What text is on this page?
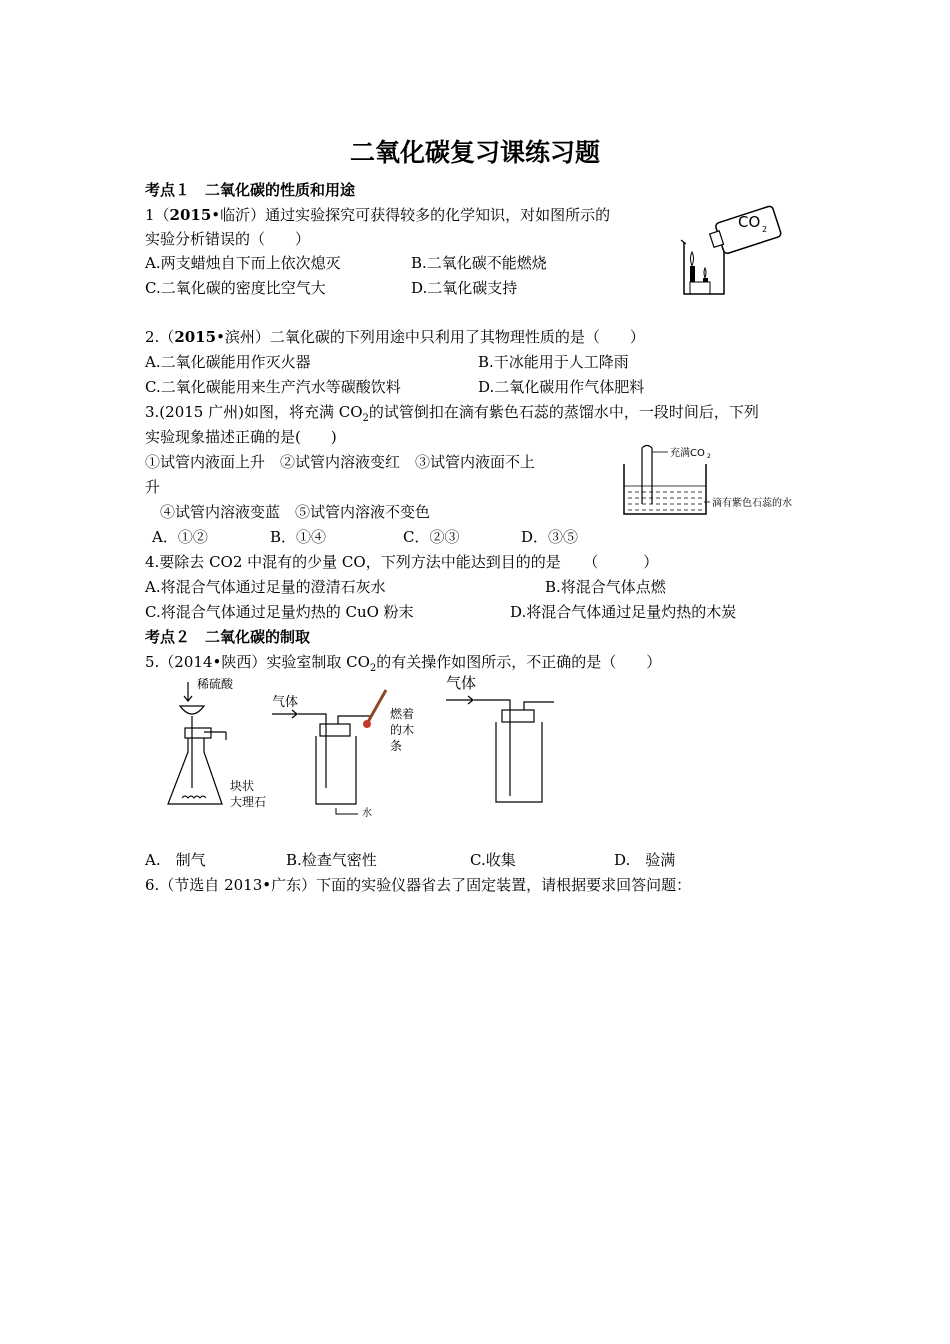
二氧化碳复习课练习题
考点１　二氧化碳的性质和用途
1（2015•临沂）通过实验探究可获得较多的化学知识，对如图所示的
实验分析错误的（　　）
A.两支蜡烛自下而上依次熄灭	B.二氧化碳不能燃烧
C.二氧化碳的密度比空气大	D.二氧化碳支持
CO 2
2.（2015•滨州）二氧化碳的下列用途中只利用了其物理性质的是（　　）
A.二氧化碳能用作灭火器	B.干冰能用于人工降雨
C.二氧化碳能用来生产汽水等碳酸饮料	D.二氧化碳用作气体肥料
3.(2015 广州)如图，将充满 $CO_2$的试管倒扣在滴有紫色石蕊的蒸馏水中，一段时间后，下列
实验现象描述正确的是(　　)
①试管内液面上升　②试管内溶液变红　③试管内液面不上
升
④试管内溶液变蓝　⑤试管内溶液不变色
A．①②	B．①④	C．②③	D．③⑤
充满CO 2
滴有紫色石蕊的水
4.要除去 CO2 中混有的少量 CO，下列方法中能达到目的的是　　（　　　）
A.将混合气体通过足量的澄清石灰水	B.将混合气体点燃
C.将混合气体通过足量灼热的 CuO 粉末	D.将混合气体通过足量灼热的木炭
考点２　二氧化碳的制取
5.（2014•陕西）实验室制取 $CO_2$的有关操作如图所示，不正确的是（　　）
稀硫酸
块状
大理石
气体
水
燃着
的木
条
气体
A.　制气	B.检查气密性	C.收集	D.　验满
6.（节选自 2013•广东）下面的实验仪器省去了固定装置，请根据要求回答问题：
